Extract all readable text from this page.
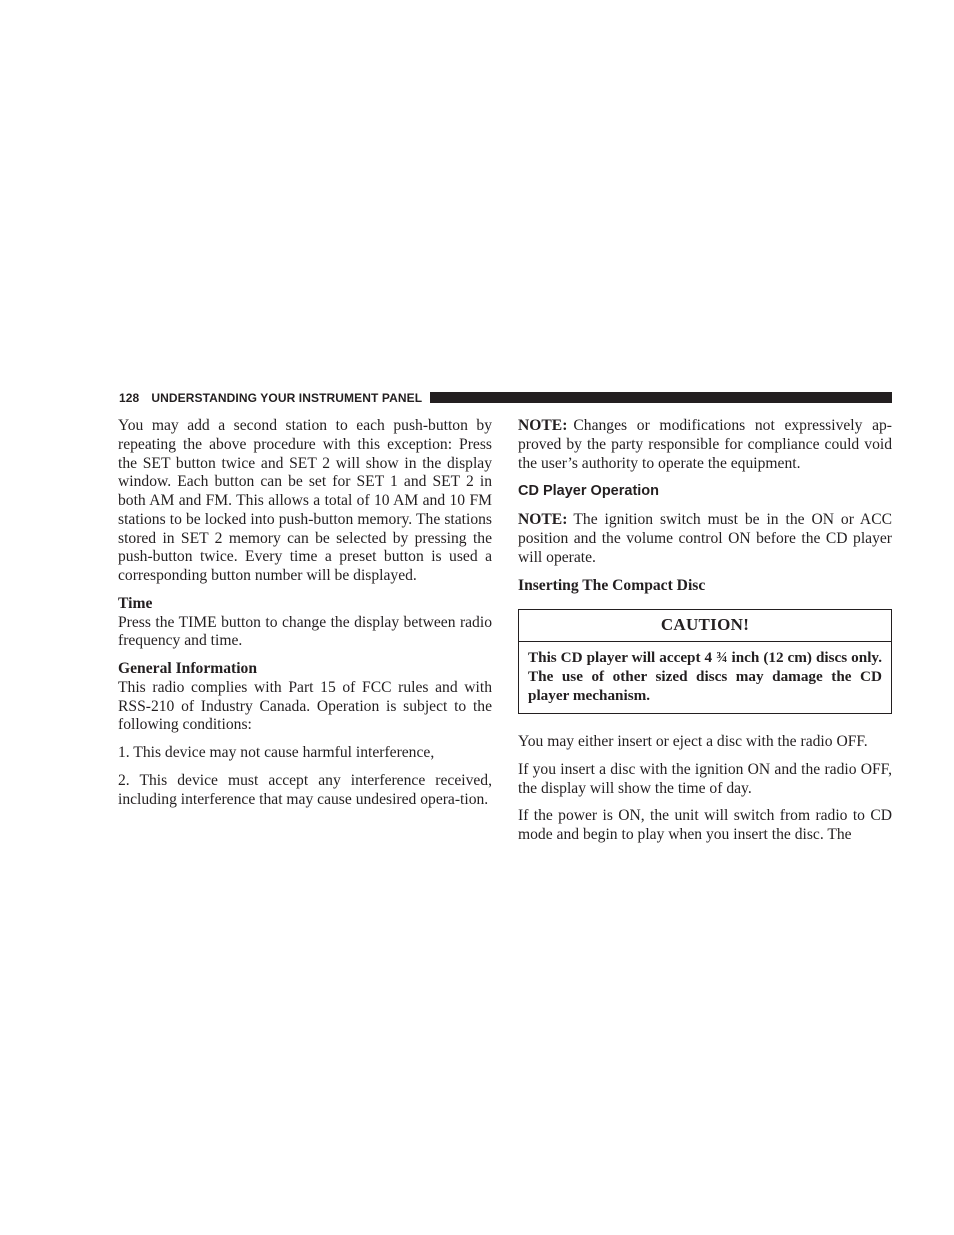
128 UNDERSTANDING YOUR INSTRUMENT PANEL

You may add a second station to each push-button by repeating the above procedure with this exception: Press the SET button twice and SET 2 will show in the display window. Each button can be set for SET 1 and SET 2 in both AM and FM. This allows a total of 10 AM and 10 FM stations to be locked into push-button memory. The stations stored in SET 2 memory can be selected by pressing the push-button twice. Every time a preset button is used a corresponding button number will be displayed.

Time

Press the TIME button to change the display between radio frequency and time.

General Information

This radio complies with Part 15 of FCC rules and with RSS-210 of Industry Canada. Operation is subject to the following conditions:

1. This device may not cause harmful interference,

2. This device must accept any interference received, including interference that may cause undesired opera-tion.

NOTE: Changes or modifications not expressively ap-proved by the party responsible for compliance could void the user’s authority to operate the equipment.

CD Player Operation

NOTE: The ignition switch must be in the ON or ACC position and the volume control ON before the CD player will operate.

Inserting The Compact Disc

CAUTION!
This CD player will accept 4 ¾ inch (12 cm) discs only. The use of other sized discs may damage the CD player mechanism.

You may either insert or eject a disc with the radio OFF.

If you insert a disc with the ignition ON and the radio OFF, the display will show the time of day.

If the power is ON, the unit will switch from radio to CD mode and begin to play when you insert the disc. The
